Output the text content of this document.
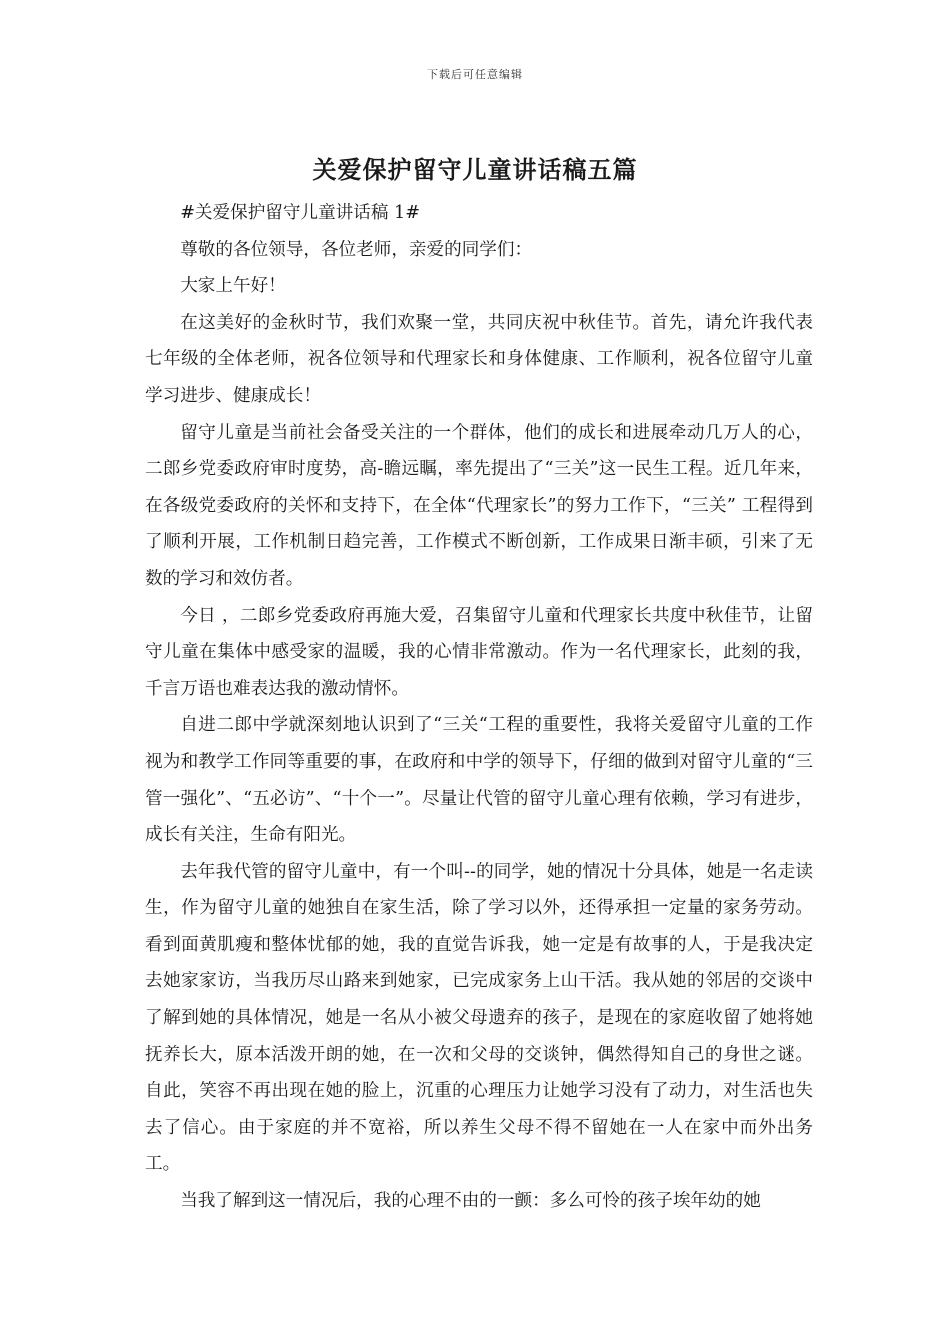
下载后可任意编辑
关爱保护留守儿童讲话稿五篇

#关爱保护留守儿童讲话稿 1#

尊敬的各位领导，各位老师，亲爱的同学们：

大家上午好！

在这美好的金秋时节，我们欢聚一堂，共同庆祝中秋佳节。首先，请允许我代表七年级的全体老师，祝各位领导和代理家长和身体健康、工作顺利，祝各位留守儿童学习进步、健康成长！

留守儿童是当前社会备受关注的一个群体，他们的成长和进展牵动几万人的心，二郎乡党委政府审时度势，高-瞻远瞩，率先提出了“三关”这一民生工程。近几年来，在各级党委政府的关怀和支持下，在全体“代理家长”的努力工作下，“三关” 工程得到了顺利开展，工作机制日趋完善，工作模式不断创新，工作成果日渐丰硕，引来了无数的学习和效仿者。

今日 ，二郎乡党委政府再施大爱，召集留守儿童和代理家长共度中秋佳节，让留守儿童在集体中感受家的温暖，我的心情非常激动。作为一名代理家长，此刻的我，千言万语也难表达我的激动情怀。

自进二郎中学就深刻地认识到了“三关“工程的重要性，我将关爱留守儿童的工作视为和教学工作同等重要的事，在政府和中学的领导下，仔细的做到对留守儿童的“三管一强化”、“五必访”、“十个一”。尽量让代管的留守儿童心理有依赖，学习有进步，成长有关注，生命有阳光。

去年我代管的留守儿童中，有一个叫--的同学，她的情况十分具体，她是一名走读生，作为留守儿童的她独自在家生活，除了学习以外，还得承担一定量的家务劳动。看到面黄肌瘦和整体忧郁的她，我的直觉告诉我，她一定是有故事的人，于是我决定去她家家访，当我历尽山路来到她家，已完成家务上山干活。我从她的邻居的交谈中了解到她的具体情况，她是一名从小被父母遗弃的孩子，是现在的家庭收留了她将她抚养长大，原本活泼开朗的她，在一次和父母的交谈钟，偶然得知自己的身世之谜。自此，笑容不再出现在她的脸上，沉重的心理压力让她学习没有了动力，对生活也失去了信心。由于家庭的并不宽裕，所以养生父母不得不留她在一人在家中而外出务工。

当我了解到这一情况后，我的心理不由的一颤：多么可怜的孩子埃年幼的她
